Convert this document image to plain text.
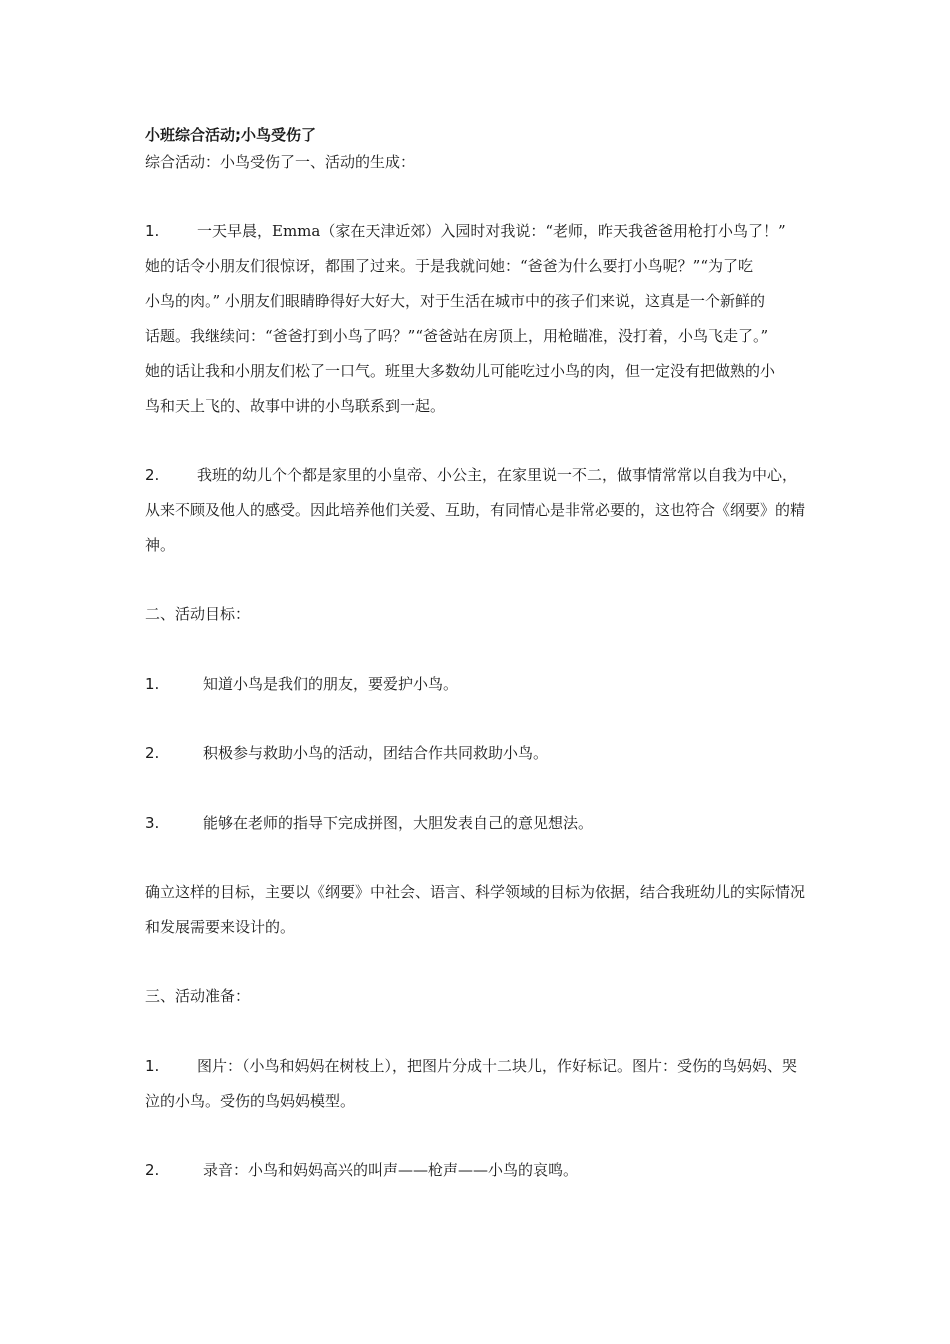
小班综合活动;小鸟受伤了
综合活动：小鸟受伤了一、活动的生成：
1.	一天早晨，Emma（家在天津近郊）入园时对我说：“老师，昨天我爸爸用枪打小鸟了！”
她的话令小朋友们很惊讶，都围了过来。于是我就问她：“爸爸为什么要打小鸟呢？”“为了吃
小鸟的肉。” 小朋友们眼睛睁得好大好大，对于生活在城市中的孩子们来说，这真是一个新鲜的
话题。我继续问：“爸爸打到小鸟了吗？”“爸爸站在房顶上，用枪瞄准，没打着，小鸟飞走了。”
她的话让我和小朋友们松了一口气。班里大多数幼儿可能吃过小鸟的肉，但一定没有把做熟的小
鸟和天上飞的、故事中讲的小鸟联系到一起。
2.	我班的幼儿个个都是家里的小皇帝、小公主，在家里说一不二，做事情常常以自我为中心，
从来不顾及他人的感受。因此培养他们关爱、互助，有同情心是非常必要的，这也符合《纲要》的精
神。
二、活动目标：
1.	知道小鸟是我们的朋友，要爱护小鸟。
2.	积极参与救助小鸟的活动，团结合作共同救助小鸟。
3.	能够在老师的指导下完成拼图，大胆发表自己的意见想法。
确立这样的目标，主要以《纲要》中社会、语言、科学领域的目标为依据，结合我班幼儿的实际情况
和发展需要来设计的。
三、活动准备：
1.	图片：（小鸟和妈妈在树枝上），把图片分成十二块儿，作好标记。图片：受伤的鸟妈妈、哭
泣的小鸟。受伤的鸟妈妈模型。
2.	录音：小鸟和妈妈高兴的叫声——枪声——小鸟的哀鸣。
